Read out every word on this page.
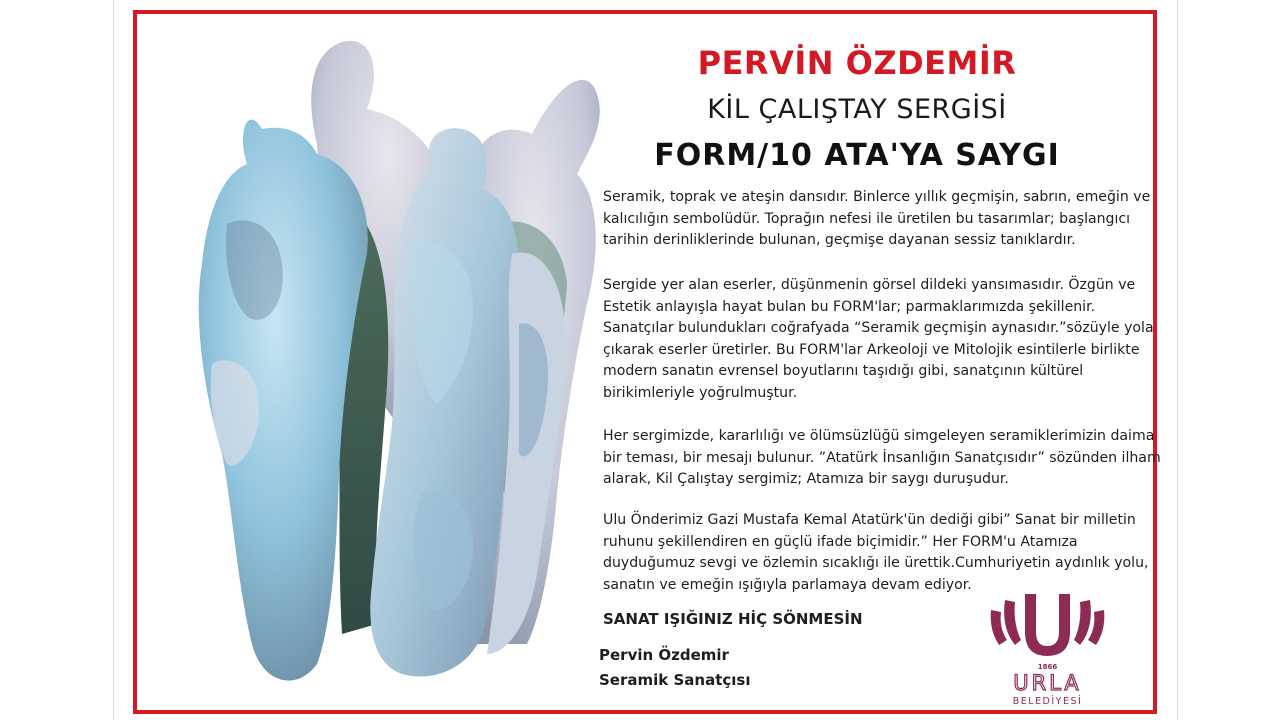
PERVİN ÖZDEMİR
KİL ÇALIŞTAY SERGİSİ
FORM/10 ATA'YA SAYGI

Seramik, toprak ve ateşin dansıdır. Binlerce yıllık geçmişin, sabrın, emeğin ve
kalıcılığın sembolüdür. Toprağın nefesi ile üretilen bu tasarımlar; başlangıcı
tarihin derinliklerinde bulunan, geçmişe dayanan sessiz tanıklardır.

Sergide yer alan eserler, düşünmenin görsel dildeki yansımasıdır. Özgün ve
Estetik anlayışla hayat bulan bu FORM'lar; parmaklarımızda şekillenir.
Sanatçılar bulundukları coğrafyada “Seramik geçmişin aynasıdır.”sözüyle yola
çıkarak eserler üretirler. Bu FORM'lar Arkeoloji ve Mitolojik esintilerle birlikte
modern sanatın evrensel boyutlarını taşıdığı gibi, sanatçının kültürel
birikimleriyle yoğrulmuştur.

Her sergimizde, kararlılığı ve ölümsüzlüğü simgeleyen seramiklerimizin daima
bir teması, bir mesajı bulunur. ”Atatürk İnsanlığın Sanatçısıdır” sözünden ilham
alarak, Kil Çalıştay sergimiz; Atamıza bir saygı duruşudur.

Ulu Önderimiz Gazi Mustafa Kemal Atatürk'ün dediği gibi” Sanat bir milletin
ruhunu şekillendiren en güçlü ifade biçimidir.” Her FORM'u Atamıza
duyduğumuz sevgi ve özlemin sıcaklığı ile ürettik.Cumhuriyetin aydınlık yolu,
sanatın ve emeğin ışığıyla parlamaya devam ediyor.

SANAT IŞIĞINIZ HİÇ SÖNMESİN
Pervin Özdemir
Seramik Sanatçısı
1866
URLA
BELEDİYESİ
